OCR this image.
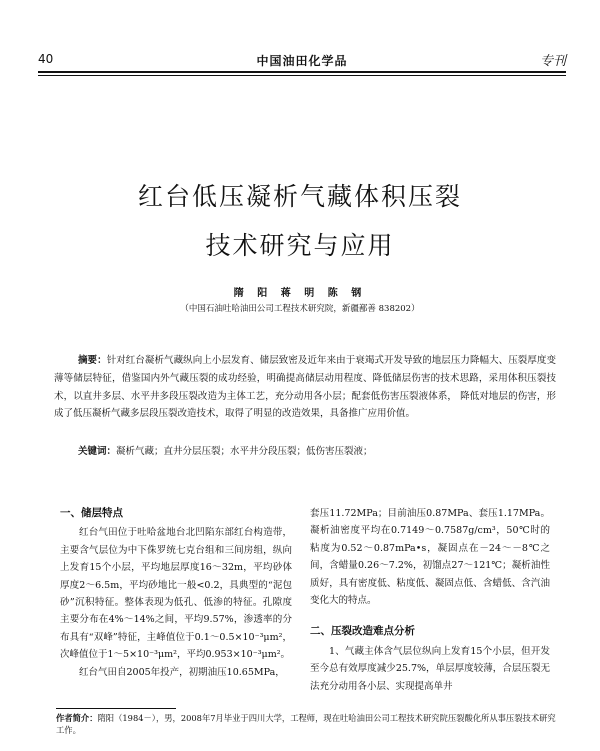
40	中国油田化学品	专刊
红台低压凝析气藏体积压裂
技术研究与应用
隋 阳 蒋 明 陈 钢
（中国石油吐哈油田公司工程技术研究院，新疆鄯善 838202）
摘要：针对红台凝析气藏纵向上小层发育、储层致密及近年来由于衰竭式开发导致的地层压力降幅大、压裂厚度变薄等储层特征，借鉴国内外气藏压裂的成功经验，明确提高储层动用程度、降低储层伤害的技术思路，采用体积压裂技术，以直井多层、水平井多段压裂改造为主体工艺，充分动用各小层；配套低伤害压裂液体系， 降低对地层的伤害，形成了低压凝析气藏多层段压裂改造技术，取得了明显的改造效果，具备推广应用价值。
关键词：凝析气藏；直井分层压裂；水平井分段压裂；低伤害压裂液；
一、储层特点

红台气田位于吐哈盆地台北凹陷东部红台构造带，主要含气层位为中下侏罗统七克台组和三间房组，纵向上发育15个小层，平均地层厚度16～32m，平均砂体厚度2～6.5m，平均砂地比一般<0.2，具典型的“泥包砂”沉积特征。整体表现为低孔、低渗的特征。孔隙度主要分布在4%～14%之间，平均9.57%，渗透率的分布具有“双峰”特征，主峰值位于0.1～0.5×10⁻³μm²，次峰值位于1～5×10⁻³μm²，平均0.953×10⁻³μm²。

红台气田自2005年投产，初期油压10.65MPa，

套压11.72MPa；目前油压0.87MPa、套压1.17MPa。凝析油密度平均在0.7149～0.7587g/cm³，50℃时的粘度为0.52～0.87mPa•s，凝固点在－24～－8℃之间，含蜡量0.26～7.2%，初馏点27～121℃；凝析油性质好，具有密度低、粘度低、凝固点低、含蜡低、含汽油变化大的特点。

二、压裂改造难点分析

1、气藏主体含气层位纵向上发育15个小层，但开发至今总有效厚度减少25.7%，单层厚度较薄，合层压裂无法充分动用各小层、实现提高单井

作者简介：隋阳（1984－），男，2008年7月毕业于四川大学，工程师，现在吐哈油田公司工程技术研究院压裂酸化所从事压裂技术研究工作。
